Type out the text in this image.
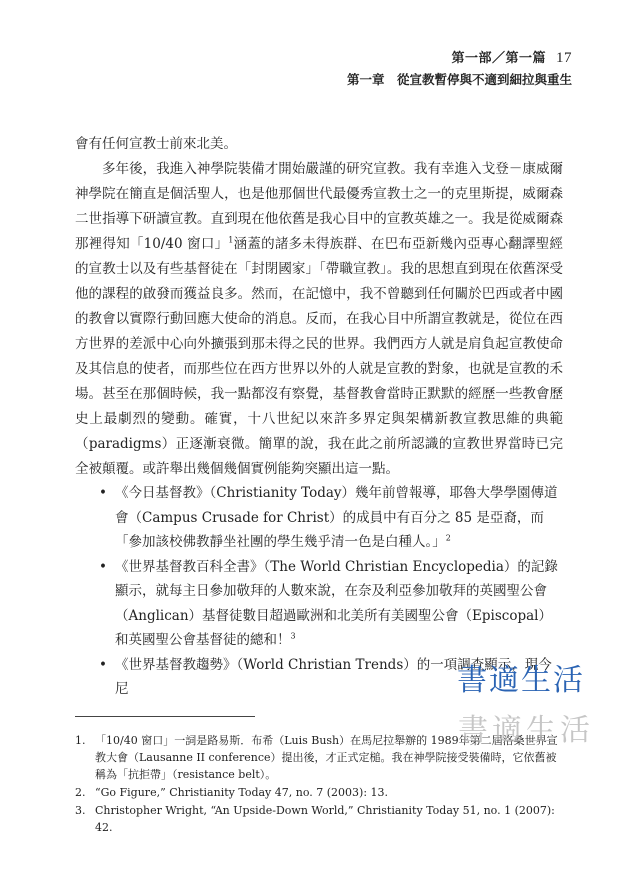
第一部／第一篇 17
第一章　從宣教暫停與不適到細拉與重生

會有任何宣教士前來北美。

多年後，我進入神學院裝備才開始嚴謹的研究宣教。我有幸進入戈登－康威爾神學院在簡直是個活聖人，也是他那個世代最優秀宣教士之一的克里斯提，威爾森二世指導下研讀宣教。直到現在他依舊是我心目中的宣教英雄之一。我是從威爾森那裡得知「10/40 窗口」$^1$涵蓋的諸多未得族群、在巴布亞新幾內亞專心翻譯聖經的宣教士以及有些基督徒在「封閉國家」「帶職宣教」。我的思想直到現在依舊深受他的課程的啟發而獲益良多。然而，在記憶中，我不曾聽到任何關於巴西或者中國的教會以實際行動回應大使命的消息。反而，在我心目中所謂宣教就是，從位在西方世界的差派中心向外擴張到那未得之民的世界。我們西方人就是肩負起宣教使命及其信息的使者，而那些位在西方世界以外的人就是宣教的對象，也就是宣教的禾場。甚至在那個時候，我一點都沒有察覺，基督教會當時正默默的經歷一些教會歷史上最劇烈的變動。確實，十八世紀以來許多界定與架構新教宣教思維的典範（paradigms）正逐漸衰微。簡單的說，我在此之前所認識的宣教世界當時已完全被顛覆。或許舉出幾個幾個實例能夠突顯出這一點。

• 《今日基督教》（Christianity Today）幾年前曾報導，耶魯大學學園傳道會（Campus Crusade for Christ）的成員中有百分之 85 是亞裔，而「參加該校佛教靜坐社團的學生幾乎清一色是白種人。」$^2$
• 《世界基督教百科全書》（The World Christian Encyclopedia）的記錄顯示，就每主日參加敬拜的人數來說，在奈及利亞參加敬拜的英國聖公會（Anglican）基督徒數目超過歐洲和北美所有美國聖公會（Episcopal）和英國聖公會基督徒的總和！$^3$
• 《世界基督教趨勢》（World Christian Trends）的一項調查顯示，現今尼
1. 「10/40 窗口」一詞是路易斯．布希（Luis Bush）在馬尼拉舉辦的 1989年第二屆洛桑世界宣教大會（Lausanne II conference）提出後，才正式定槌。我在神學院接受裝備時，它依舊被稱為「抗拒帶」（resistance belt）。
2. “Go Figure,” Christianity Today 47, no. 7 (2003): 13.
3. Christopher Wright, “An Upside-Down World,” Christianity Today 51, no. 1 (2007): 42.
書適生活
書適生活
